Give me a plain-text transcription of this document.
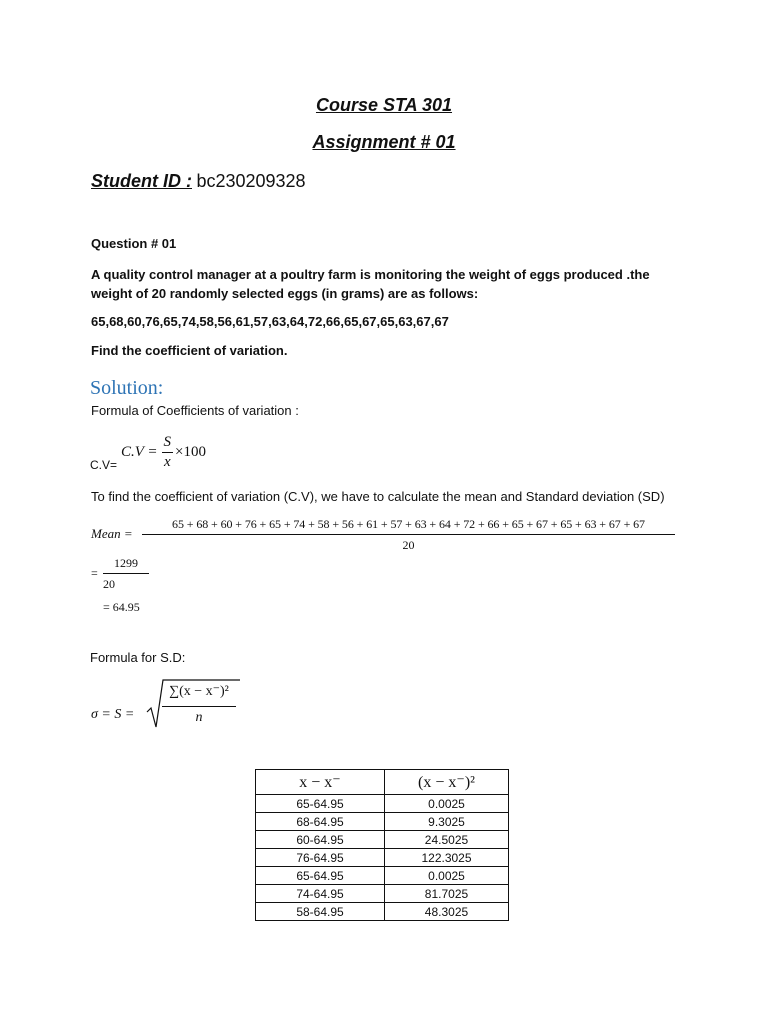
Course STA 301
Assignment # 01
Student ID : bc230209328
Question # 01
A quality control manager at a poultry farm is monitoring the weight of eggs produced .the weight of 20 randomly selected eggs (in grams) are as follows:
65,68,60,76,65,74,58,56,61,57,63,64,72,66,65,67,65,63,67,67
Find the coefficient of variation.
Solution:
Formula of Coefficients of variation :
$C.V = \frac{S}{x} \times 100$
C.V=
To find the coefficient of variation (C.V), we have to calculate the mean and Standard deviation (SD)
Mean =
65 + 68 + 60 + 76 + 65 + 74 + 58 + 56 + 61 + 57 + 63 + 64 + 72 + 66 + 65 + 67 + 65 + 63 + 67 + 67
20
=
1299
20
= 64.95
Formula for S.D:
σ = S =
∑(x − x⁻)²
n
x − x⁻	(x − x⁻)²
65-64.95	0.0025
68-64.95	9.3025
60-64.95	24.5025
76-64.95	122.3025
65-64.95	0.0025
74-64.95	81.7025
58-64.95	48.3025
